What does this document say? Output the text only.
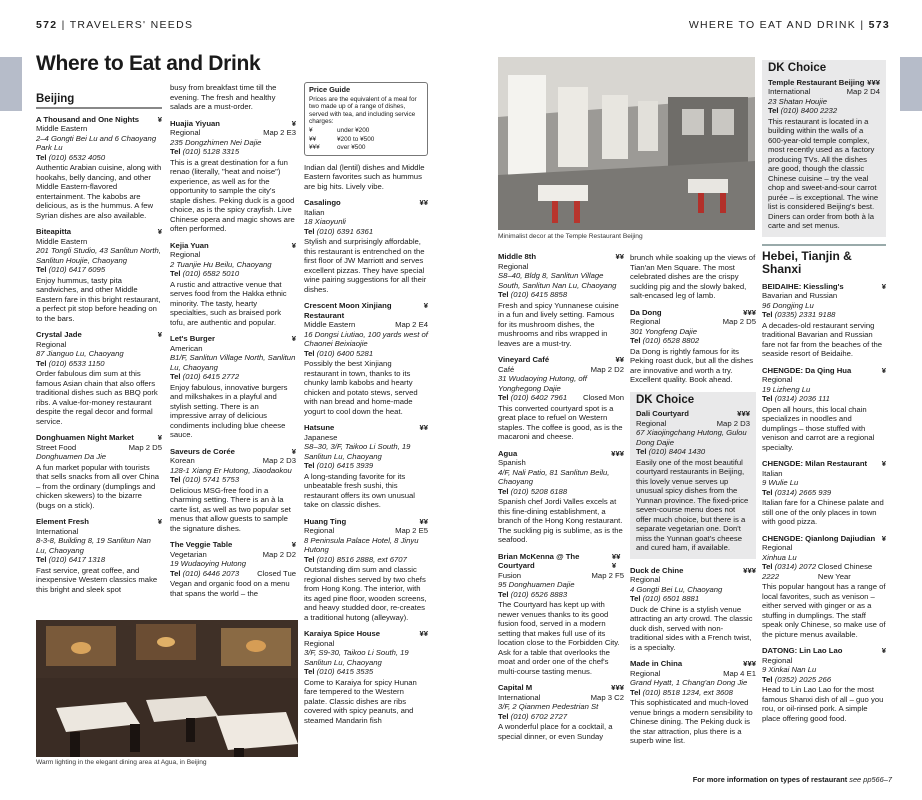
572 | TRAVELERS' NEEDS	WHERE TO EAT AND DRINK | 573
Where to Eat and Drink
Beijing
A Thousand and One Nights ¥
Middle Eastern
2–4 Gongti Bei Lu and 6 Chaoyang Park Lu
Tel (010) 6532 4050
Authentic Arabian cuisine, along with hookahs, belly dancing, and other Middle Eastern-flavored entertainment. The kabobs are delicious, as is the hummus. A few Syrian dishes are also available.
Biteapitta	¥
Middle Eastern
201 Tongli Studio, 43 Sanlitun North, Sanlitun Houjie, Chaoyang
Tel (010) 6417 6095
Enjoy hummus, tasty pita sandwiches, and other Middle Eastern fare in this bright restaurant, a perfect pit stop before heading on to the bars.
Crystal Jade	¥
Regional
87 Jianguo Lu, Chaoyang
Tel (010) 6533 1150
Order fabulous dim sum at this famous Asian chain that also offers traditional dishes such as BBQ pork ribs. A value-for-money restaurant despite the regal decor and formal service.
Donghuamen Night Market	¥
Street Food	Map 2 D5
Donghuamen Da Jie
A fun market popular with tourists that sells snacks from all over China – from the ordinary (dumplings and chicken skewers) to the bizarre (bugs on a stick).
Element Fresh	¥
International
8-3-8, Building 8, 19 Sanlitun Nan Lu, Chaoyang
Tel (010) 6417 1318
Fast service, great coffee, and inexpensive Western classics make this bright and sleek spot
busy from breakfast time till the evening. The fresh and healthy salads are a must-order.
Huajia Yiyuan	¥
Regional	Map 2 E3
235 Dongzhimen Nei Dajie
Tel (010) 5128 3315
This is a great destination for a fun renao (literally, "heat and noise") experience, as well as for the opportunity to sample the city's staple dishes. Peking duck is a good choice, as is the spicy crayfish. Live Chinese opera and magic shows are often performed.
Kejia Yuan	¥
Regional
2 Tuanjie Hu Beilu, Chaoyang
Tel (010) 6582 5010
A rustic and attractive venue that serves food from the Hakka ethnic minority. The tasty, hearty specialties, such as braised pork tofu, are authentic and popular.
Let's Burger	¥
American
B1/F, Sanlitun Village North, Sanlitun Lu, Chaoyang
Tel (010) 6415 2772
Enjoy fabulous, innovative burgers and milkshakes in a playful and stylish setting. There is an impressive array of delicious condiments including blue cheese sauce.
Saveurs de Corée	¥
Korean	Map 2 D3
128-1 Xiang Er Hutong, Jiaodaokou
Tel (010) 5741 5753
Delicious MSG-free food in a charming setting. There is an à la carte list, as well as two popular set menus that allow guests to sample the signature dishes.
The Veggie Table	¥
Vegetarian	Map 2 D2
19 Wudaoying Hutong
Tel (010) 6446 2073 Closed Tue
Vegan and organic food on a menu that spans the world – the
Price Guide
Prices are the equivalent of a meal for two made up of a range of dishes, served with tea, and including service charges:
¥	under ¥200
¥¥	¥200 to ¥500
¥¥¥	over ¥500
Indian dal (lentil) dishes and Middle Eastern favorites such as hummus are big hits. Lively vibe.
Casalingo	¥¥
Italian
18 Xiaoyunli
Tel (010) 6391 6361
Stylish and surprisingly affordable, this restaurant is entrenched on the first floor of JW Marriott and serves excellent pizzas. They have special wine pairing suggestions for all their dishes.
Crescent Moon Xinjiang Restaurant
¥
Middle Eastern	Map 2 E4
16 Dongsi Liutiao, 100 yards west of Chaonei Beixiaojie
Tel (010) 6400 5281
Possibly the best Xinjiang restaurant in town, thanks to its chunky lamb kabobs and hearty chicken and potato stews, served with nan bread and home-made yogurt to cool down the heat.
Hatsune	¥¥
Japanese
S8–30, 3/F, Taikoo Li South, 19 Sanlitun Lu, Chaoyang
Tel (010) 6415 3939
A long-standing favorite for its unbeatable fresh sushi, this restaurant offers its own unusual take on classic dishes.
Huang Ting	¥¥
Regional	Map 2 E5
8 Peninsula Palace Hotel, 8 Jinyu Hutong
Tel (010) 8516 2888, ext 6707
Outstanding dim sum and classic regional dishes served by two chefs from Hong Kong. The interior, with its aged pine floor, wooden screens, and heavy studded door, re-creates a traditional hutong (alleyway).
Karaiya Spice House	¥¥
Regional
3/F, S9-30, Taikoo Li South, 19 Sanlitun Lu, Chaoyang
Tel (010) 6415 3535
Come to Karaiya for spicy Hunan fare tempered to the Western palate. Classic dishes are ribs covered with spicy peanuts, and steamed Mandarin fish
Warm lighting in the elegant dining area at Agua, in Beijing
Middle 8th	¥¥
Regional
S8–40, Bldg 8, Sanlitun Village South, Sanlitun Nan Lu, Chaoyang
Tel (010) 6415 8858
Fresh and spicy Yunnanese cuisine in a fun and lively setting. Famous for its mushroom dishes, the mushrooms and ribs wrapped in leaves are a must-try.
Vineyard Café	¥¥
Café	Map 2 D2
31 Wudaoying Hutong, off Yonghegong Dajie
Tel (010) 6402 7961 Closed Mon
This converted courtyard spot is a great place to refuel on Western staples. The coffee is good, as is the macaroni and cheese.
Agua	¥¥¥
Spanish
4/F, Nali Patio, 81 Sanlitun Beilu, Chaoyang
Tel (010) 5208 6188
Spanish chef Jordi Valles excels at this fine-dining establishment, a branch of the Hong Kong restaurant. The suckling pig is sublime, as is the seafood.
Brian McKenna @ The Courtyard
¥¥¥
Fusion	Map 2 F5
95 Donghuamen Dajie
Tel (010) 6526 8883
The Courtyard has kept up with newer venues thanks to its good fusion food, served in a modern setting that makes full use of its location close to the Forbidden City. Ask for a table that overlooks the moat and order one of the chef's multi-course tasting menus.
Capital M	¥¥¥
International	Map 3 C2
3/F, 2 Qianmen Pedestrian St
Tel (010) 6702 2727
A wonderful place for a cocktail, a special dinner, or even Sunday
Minimalist decor at the Temple Restaurant Beijing
brunch while soaking up the views of Tian'an Men Square. The most celebrated dishes are the crispy suckling pig and the slowly baked, salt-encased leg of lamb.
Da Dong	¥¥¥
Regional	Map 2 D5
301 Yongfeng Dajie
Tel (010) 6528 8802
Da Dong is rightly famous for its Peking roast duck, but all the dishes are innovative and worth a try. Excellent quality. Book ahead.
DK Choice
Dali Courtyard	¥¥¥
Regional	Map 2 D3
67 Xiaojingchang Hutong, Gulou Dong Dajie
Tel (010) 8404 1430
Easily one of the most beautiful courtyard restaurants in Beijing, this lovely venue serves up unusual spicy dishes from the Yunnan province. The fixed-price seven-course menu does not offer much choice, but there is a separate vegetarian one. Don't miss the Yunnan goat's cheese and cured ham, if available.
Duck de Chine	¥¥¥
Regional
4 Gongti Bei Lu, Chaoyang
Tel (010) 6501 8881
Duck de Chine is a stylish venue attracting an arty crowd. The classic duck dish, served with non-traditional sides with a French twist, is a specialty.
Made in China	¥¥¥
Regional	Map 4 E1
Grand Hyatt, 1 Chang'an Dong Jie
Tel (010) 8518 1234, ext 3608
This sophisticated and much-loved venue brings a modern sensibility to Chinese dining. The Peking duck is the star attraction, plus there is a superb wine list.
DK Choice
Temple Restaurant Beijing ¥¥¥
International	Map 2 D4
23 Shatan Houjie
Tel (010) 8400 2232
This restaurant is located in a building within the walls of a 600-year-old temple complex, most recently used as a factory producing TVs. All the dishes are good, though the classic Chinese cuisine – try the veal chop and sweet-and-sour carrot purée – is exceptional. The wine list is considered Beijing's best. Diners can order from both à la carte and set menus.
Hebei, Tianjin & Shanxi
BEIDAIHE: Kiessling's	¥
Bavarian and Russian
96 Dongjing Lu
Tel (0335) 2331 9188
A decades-old restaurant serving traditional Bavarian and Russian fare not far from the beaches of the seaside resort of Beidaihe.
CHENGDE: Da Qing Hua	¥
Regional
19 Lizheng Lu
Tel (0314) 2036 111
Open all hours, this local chain specializes in noodles and dumplings – those stuffed with venison and carrot are a regional specialty.
CHENGDE: Milan Restaurant ¥
Italian
9 Wulie Lu
Tel (0314) 2665 939
Italian fare for a Chinese palate and still one of the only places in town with good pizza.
CHENGDE: Qianlong Dajiudian ¥
Regional
Xinhua Lu
Tel (0314) 2072 2222
Closed Chinese New Year
This popular hangout has a range of local favorites, such as venison – either served with ginger or as a stuffing in dumplings. The staff speak only Chinese, so make use of the picture menus available.
DATONG: Lin Lao Lao	¥
Regional
9 Xinkai Nan Lu
Tel (0352) 2025 266
Head to Lin Lao Lao for the most famous Shanxi dish of all – guo you rou, or oil-rinsed pork. A simple place offering good food.
For more information on types of restaurant see pp566–7
